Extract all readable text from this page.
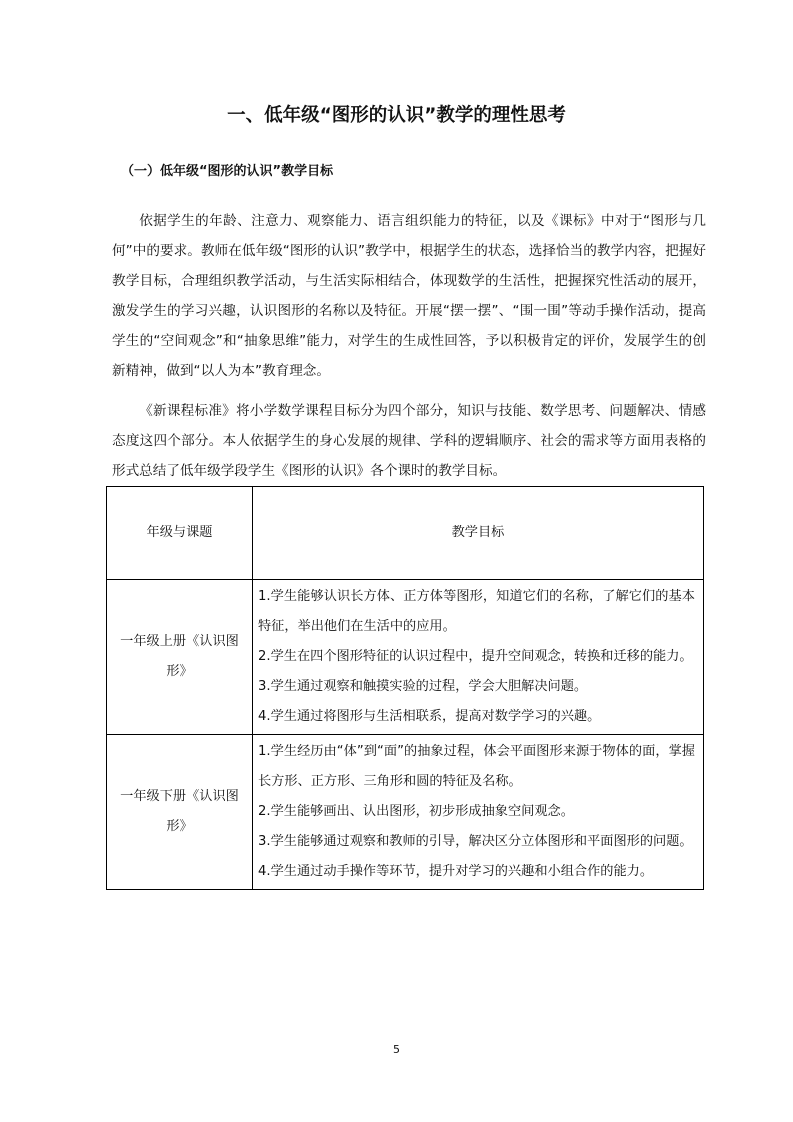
一、低年级“图形的认识”教学的理性思考
（一）低年级“图形的认识”教学目标

依据学生的年龄、注意力、观察能力、语言组织能力的特征，以及《课标》中对于“图形与几何”中的要求。教师在低年级“图形的认识”教学中，根据学生的状态，选择恰当的教学内容，把握好教学目标，合理组织教学活动，与生活实际相结合，体现数学的生活性，把握探究性活动的展开，激发学生的学习兴趣，认识图形的名称以及特征。开展“摆一摆”、“围一围”等动手操作活动，提高学生的“空间观念”和“抽象思维”能力，对学生的生成性回答，予以积极肯定的评价，发展学生的创新精神，做到“以人为本”教育理念。

《新课程标准》将小学数学课程目标分为四个部分，知识与技能、数学思考、问题解决、情感态度这四个部分。本人依据学生的身心发展的规律、学科的逻辑顺序、社会的需求等方面用表格的形式总结了低年级学段学生《图形的认识》各个课时的教学目标。

年级与课题	教学目标
一年级上册《认识图形》	1.学生能够认识长方体、正方体等图形，知道它们的名称，了解它们的基本特征，举出他们在生活中的应用。
2.学生在四个图形特征的认识过程中，提升空间观念，转换和迁移的能力。
3.学生通过观察和触摸实验的过程，学会大胆解决问题。
4.学生通过将图形与生活相联系，提高对数学学习的兴趣。

一年级下册《认识图形》	1.学生经历由“体”到“面”的抽象过程，体会平面图形来源于物体的面，掌握长方形、正方形、三角形和圆的特征及名称。
2.学生能够画出、认出图形，初步形成抽象空间观念。
3.学生能够通过观察和教师的引导，解决区分立体图形和平面图形的问题。
4.学生通过动手操作等环节，提升对学习的兴趣和小组合作的能力。
5
